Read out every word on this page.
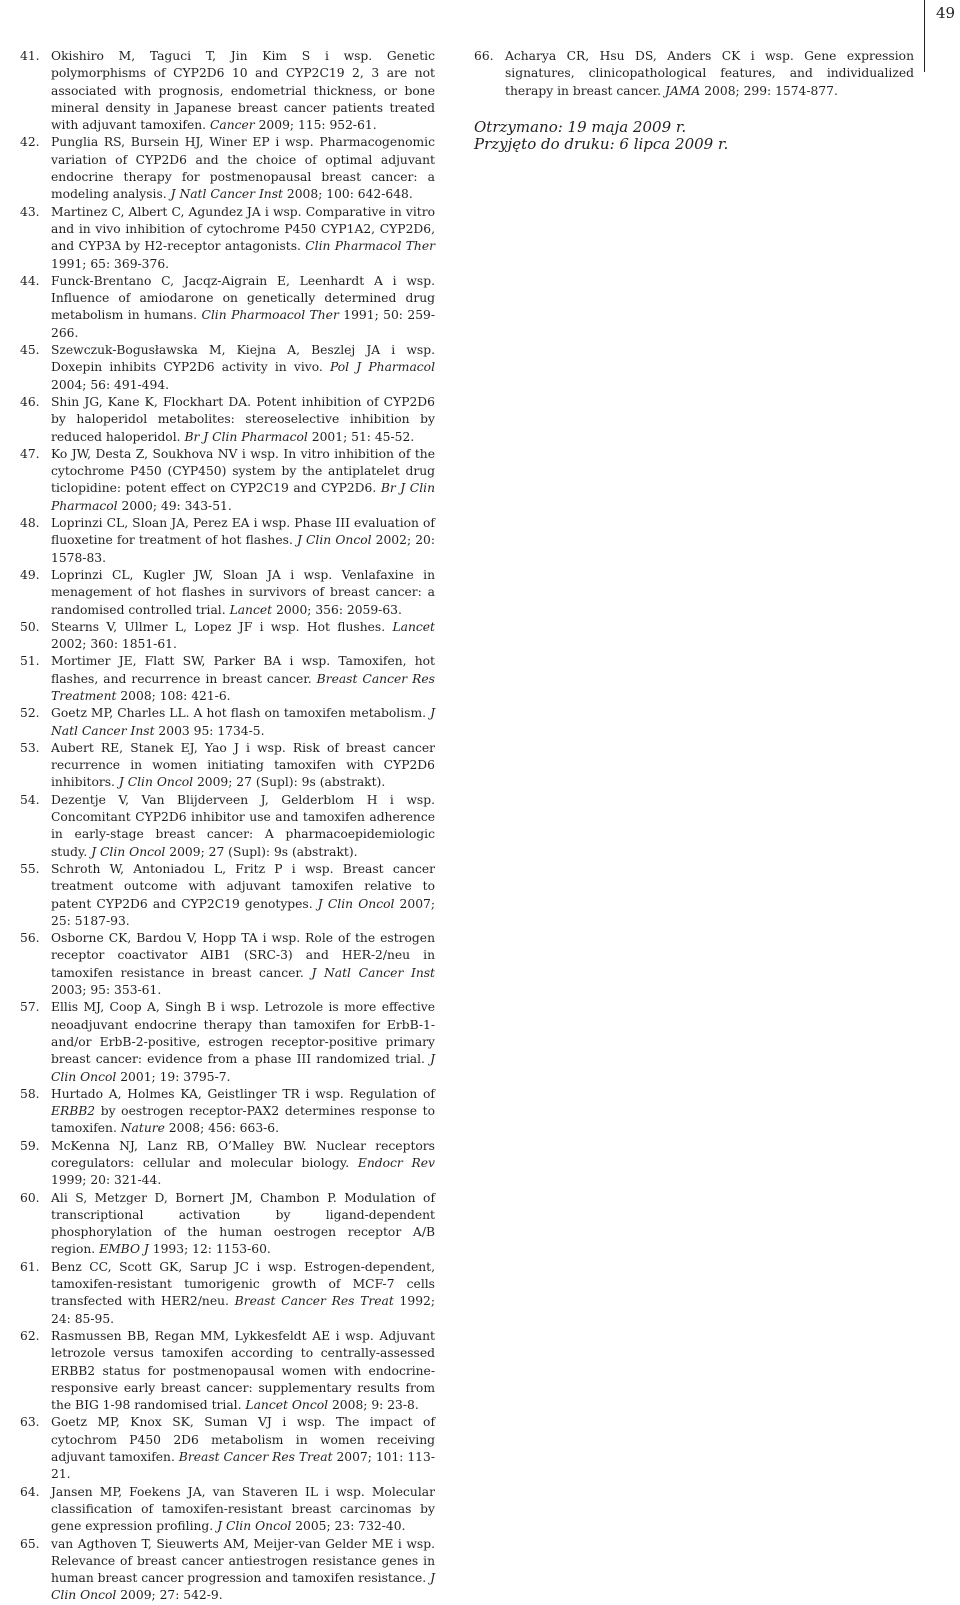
49

41. Okishiro M, Taguci T, Jin Kim S i wsp. Genetic polymorphisms of CYP2D6 10 and CYP2C19 2, 3 are not associated with prognosis, endometrial thickness, or bone mineral density in Japanese breast cancer patients treated with adjuvant tamoxifen. Cancer 2009; 115: 952-61.

42. Punglia RS, Bursein HJ, Winer EP i wsp. Pharmacogenomic variation of CYP2D6 and the choice of optimal adjuvant endocrine therapy for postmenopausal breast cancer: a modeling analysis. J Natl Cancer Inst 2008; 100: 642-648.

43. Martinez C, Albert C, Agundez JA i wsp. Comparative in vitro and in vivo inhibition of cytochrome P450 CYP1A2, CYP2D6, and CYP3A by H2-receptor antagonists. Clin Pharmacol Ther 1991; 65: 369-376.

44. Funck-Brentano C, Jacqz-Aigrain E, Leenhardt A i wsp. Influence of amiodarone on genetically determined drug metabolism in humans. Clin Pharmoacol Ther 1991; 50: 259-266.

45. Szewczuk-Bogusławska M, Kiejna A, Beszlej JA i wsp. Doxepin inhibits CYP2D6 activity in vivo. Pol J Pharmacol 2004; 56: 491-494.

46. Shin JG, Kane K, Flockhart DA. Potent inhibition of CYP2D6 by haloperidol metabolites: stereoselective inhibition by reduced haloperidol. Br J Clin Pharmacol 2001; 51: 45-52.

47. Ko JW, Desta Z, Soukhova NV i wsp. In vitro inhibition of the cytochrome P450 (CYP450) system by the antiplatelet drug ticlopidine: potent effect on CYP2C19 and CYP2D6. Br J Clin Pharmacol 2000; 49: 343-51.

48. Loprinzi CL, Sloan JA, Perez EA i wsp. Phase III evaluation of fluoxetine for treatment of hot flashes. J Clin Oncol 2002; 20: 1578-83.

49. Loprinzi CL, Kugler JW, Sloan JA i wsp. Venlafaxine in menagement of hot flashes in survivors of breast cancer: a randomised controlled trial. Lancet 2000; 356: 2059-63.

50. Stearns V, Ullmer L, Lopez JF i wsp. Hot flushes. Lancet 2002; 360: 1851-61.

51. Mortimer JE, Flatt SW, Parker BA i wsp. Tamoxifen, hot flashes, and recurrence in breast cancer. Breast Cancer Res Treatment 2008; 108: 421-6.

52. Goetz MP, Charles LL. A hot flash on tamoxifen metabolism. J Natl Cancer Inst 2003 95: 1734-5.

53. Aubert RE, Stanek EJ, Yao J i wsp. Risk of breast cancer recurrence in women initiating tamoxifen with CYP2D6 inhibitors. J Clin Oncol 2009; 27 (Supl): 9s (abstrakt).

54. Dezentje V, Van Blijderveen J, Gelderblom H i wsp. Concomitant CYP2D6 inhibitor use and tamoxifen adherence in early-stage breast cancer: A pharmacoepidemiologic study. J Clin Oncol 2009; 27 (Supl): 9s (abstrakt).

55. Schroth W, Antoniadou L, Fritz P i wsp. Breast cancer treatment outcome with adjuvant tamoxifen relative to patent CYP2D6 and CYP2C19 genotypes. J Clin Oncol 2007; 25: 5187-93.

56. Osborne CK, Bardou V, Hopp TA i wsp. Role of the estrogen receptor coactivator AIB1 (SRC-3) and HER-2/neu in tamoxifen resistance in breast cancer. J Natl Cancer Inst 2003; 95: 353-61.

57. Ellis MJ, Coop A, Singh B i wsp. Letrozole is more effective neoadjuvant endocrine therapy than tamoxifen for ErbB-1- and/or ErbB-2-positive, estrogen receptor-positive primary breast cancer: evidence from a phase III randomized trial. J Clin Oncol 2001; 19: 3795-7.

58. Hurtado A, Holmes KA, Geistlinger TR i wsp. Regulation of ERBB2 by oestrogen receptor-PAX2 determines response to tamoxifen. Nature 2008; 456: 663-6.

59. McKenna NJ, Lanz RB, O’Malley BW. Nuclear receptors coregulators: cellular and molecular biology. Endocr Rev 1999; 20: 321-44.

60. Ali S, Metzger D, Bornert JM, Chambon P. Modulation of transcriptional activation by ligand-dependent phosphorylation of the human oestrogen receptor A/B region. EMBO J 1993; 12: 1153-60.

61. Benz CC, Scott GK, Sarup JC i wsp. Estrogen-dependent, tamoxifen-resistant tumorigenic growth of MCF-7 cells transfected with HER2/neu. Breast Cancer Res Treat 1992; 24: 85-95.

62. Rasmussen BB, Regan MM, Lykkesfeldt AE i wsp. Adjuvant letrozole versus tamoxifen according to centrally-assessed ERBB2 status for postmenopausal women with endocrine-responsive early breast cancer: supplementary results from the BIG 1-98 randomised trial. Lancet Oncol 2008; 9: 23-8.

63. Goetz MP, Knox SK, Suman VJ i wsp. The impact of cytochrom P450 2D6 metabolism in women receiving adjuvant tamoxifen. Breast Cancer Res Treat 2007; 101: 113-21.

64. Jansen MP, Foekens JA, van Staveren IL i wsp. Molecular classification of tamoxifen-resistant breast carcinomas by gene expression profiling. J Clin Oncol 2005; 23: 732-40.

65. van Agthoven T, Sieuwerts AM, Meijer-van Gelder ME i wsp. Relevance of breast cancer antiestrogen resistance genes in human breast cancer progression and tamoxifen resistance. J Clin Oncol 2009; 27: 542-9.

66. Acharya CR, Hsu DS, Anders CK i wsp. Gene expression signatures, clinicopathological features, and individualized therapy in breast cancer. JAMA 2008; 299: 1574-877.

Otrzymano: 19 maja 2009 r.
Przyjęto do druku: 6 lipca 2009 r.
